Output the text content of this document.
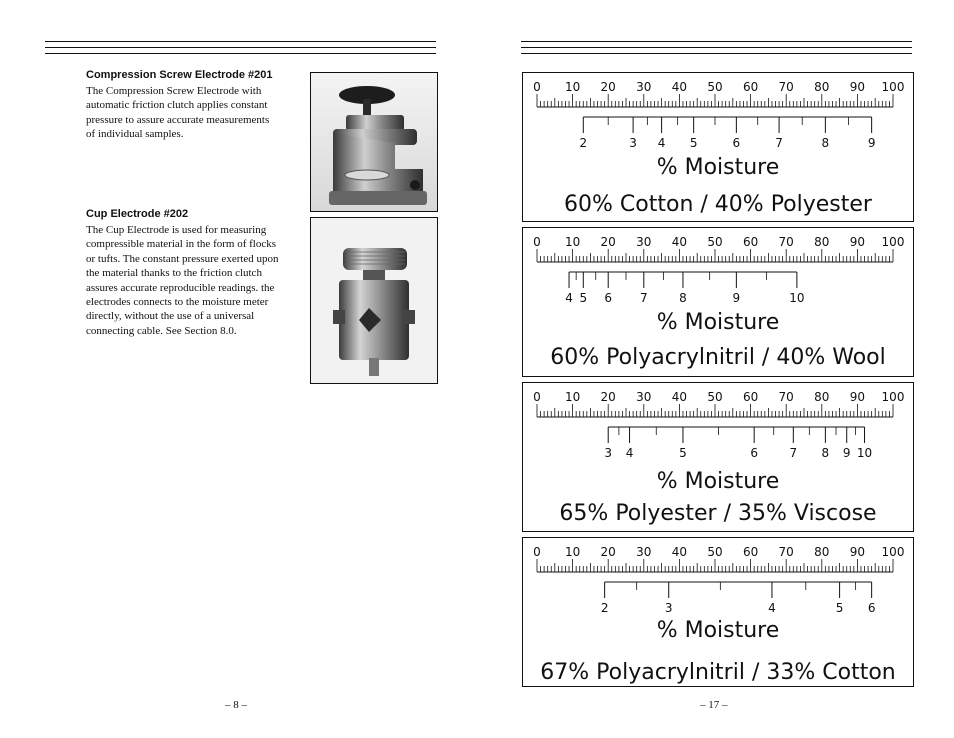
Compression Screw Electrode #201
The Compression Screw Electrode with
automatic friction clutch applies constant
pressure to assure accurate measurements
of individual samples.
Cup Electrode #202
The Cup Electrode is used for measuring
compressible material in the form of flocks
or tufts. The constant pressure exerted upon
the material thanks to the friction clutch
assures accurate reproducible readings. the
electrodes connects to the moisture meter
directly, without the use of a universal
connecting cable. See Section 8.0.
– 8 –
0 10 20 30 40 50 60 70 80 90 100
2	3 4 5	6	7	8	9
% Moisture
60% Cotton / 40% Polyester
0 10 20 30 40 50 60 70 80 90 100
4 5 6 7	8	9	10
% Moisture
60% Polyacrylnitril / 40% Wool
0 10 20 30 40 50 60 70 80 90 100
3 4	5	6	7 8 9 10
% Moisture
65% Polyester / 35% Viscose
0 10 20 30 40 50 60 70 80 90 100
2	3	4	5 6
% Moisture
67% Polyacrylnitril / 33% Cotton
– 17 –
